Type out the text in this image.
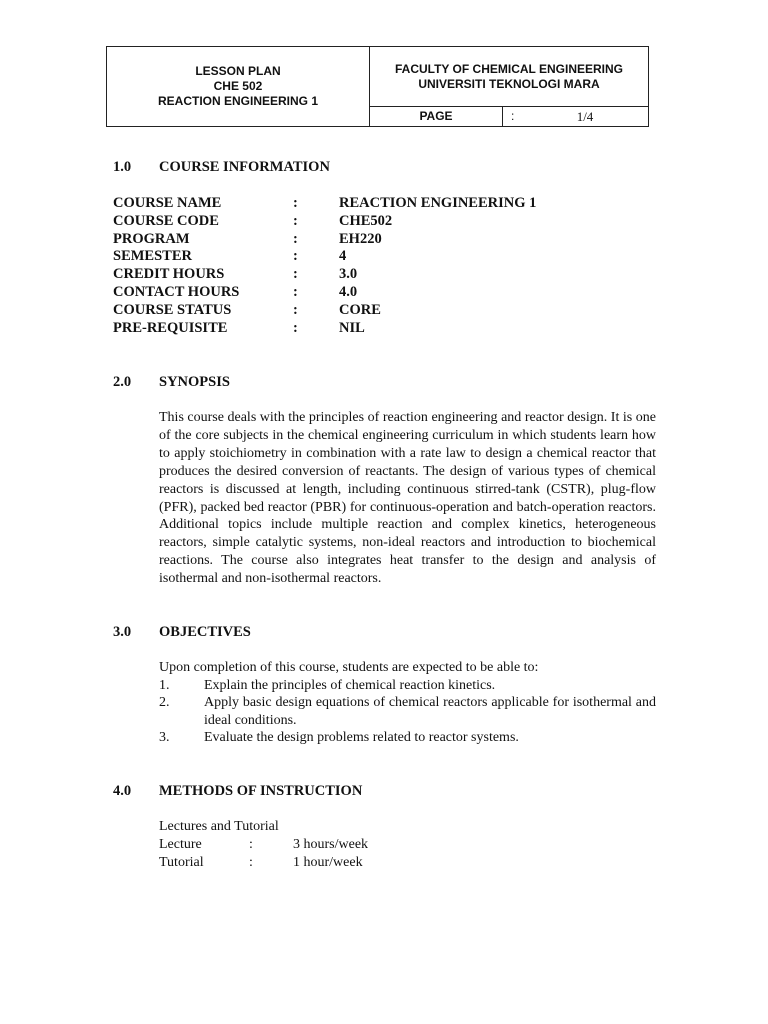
LESSON PLAN
CHE 502
REACTION ENGINEERING 1
FACULTY OF CHEMICAL ENGINEERING
UNIVERSITI TEKNOLOGI MARA
PAGE	:	1/4
1.0 COURSE INFORMATION
COURSE NAME	:	REACTION ENGINEERING 1
COURSE CODE	:	CHE502
PROGRAM	:	EH220
SEMESTER	:	4
CREDIT HOURS	:	3.0
CONTACT HOURS	:	4.0
COURSE STATUS	:	CORE
PRE-REQUISITE	:	NIL
2.0 SYNOPSIS
This course deals with the principles of reaction engineering and reactor design. It is one of the core subjects in the chemical engineering curriculum in which students learn how to apply stoichiometry in combination with a rate law to design a chemical reactor that produces the desired conversion of reactants. The design of various types of chemical reactors is discussed at length, including continuous stirred-tank (CSTR), plug-flow (PFR), packed bed reactor (PBR) for continuous-operation and batch-operation reactors. Additional topics include multiple reaction and complex kinetics, heterogeneous reactors, simple catalytic systems, non-ideal reactors and introduction to biochemical reactions. The course also integrates heat transfer to the design and analysis of isothermal and non-isothermal reactors.
3.0 OBJECTIVES
Upon completion of this course, students are expected to be able to:
1. Explain the principles of chemical reaction kinetics.
2. Apply basic design equations of chemical reactors applicable for isothermal and ideal conditions.
3. Evaluate the design problems related to reactor systems.
4.0 METHODS OF INSTRUCTION
Lectures and Tutorial
Lecture	:	3 hours/week
Tutorial	:	1 hour/week
